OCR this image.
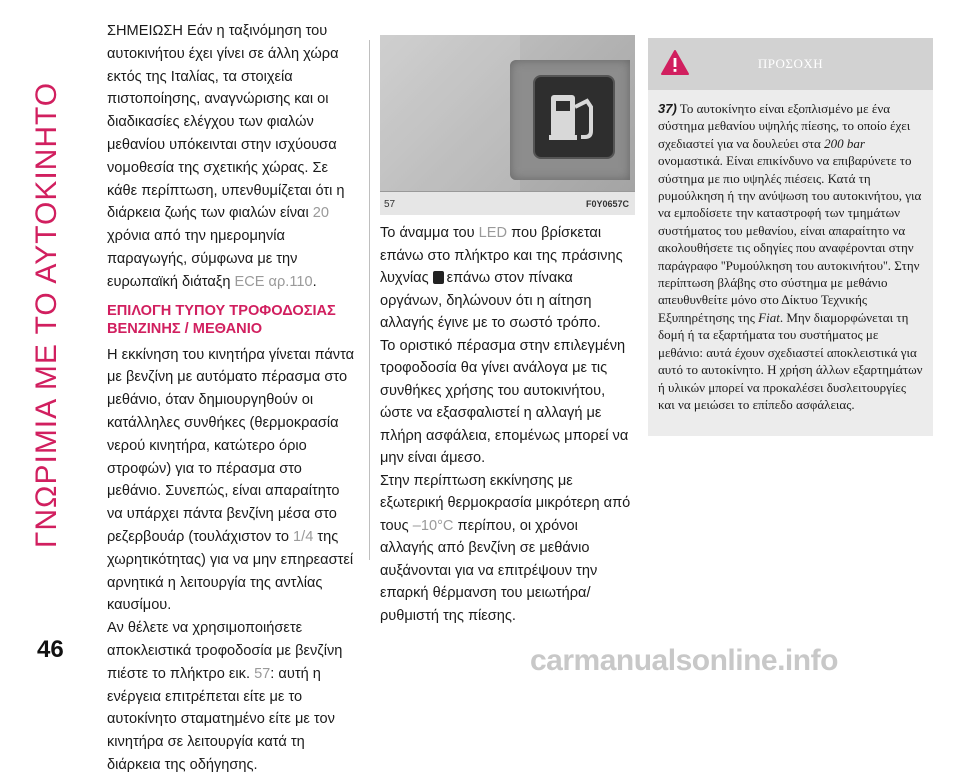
ΓΝΩΡΙΜΙΑ ΜΕ ΤΟ ΑΥΤΟΚΙΝΗΤΟ

ΣΗΜΕΙΩΣΗ Εάν η ταξινόμηση του αυτοκινήτου έχει γίνει σε άλλη χώρα εκτός της Ιταλίας, τα στοιχεία πιστοποίησης, αναγνώρισης και οι διαδικασίες ελέγχου των φιαλών μεθανίου υπόκεινται στην ισχύουσα νομοθεσία της σχετικής χώρας. Σε κάθε περίπτωση, υπενθυμίζεται ότι η διάρκεια ζωής των φιαλών είναι 20 χρόνια από την ημερομηνία παραγωγής, σύμφωνα με την ευρωπαϊκή διάταξη ECE αρ.110.

ΕΠΙΛΟΓΗ ΤΥΠΟΥ ΤΡΟΦΟΔΟΣΙΑΣ ΒΕΝΖΙΝΗΣ / ΜΕΘΑΝΙΟ

Η εκκίνηση του κινητήρα γίνεται πάντα με βενζίνη με αυτόματο πέρασμα στο μεθάνιο, όταν δημιουργηθούν οι κατάλληλες συνθήκες (θερμοκρασία νερού κινητήρα, κατώτερο όριο στροφών) για το πέρασμα στο μεθάνιο. Συνεπώς, είναι απαραίτητο να υπάρχει πάντα βενζίνη μέσα στο ρεζερβουάρ (τουλάχιστον το 1/4 της χωρητικότητας) για να μην επηρεαστεί αρνητικά η λειτουργία της αντλίας καυσίμου.

Αν θέλετε να χρησιμοποιήσετε αποκλειστικά τροφοδοσία με βενζίνη πιέστε το πλήκτρο εικ. 57: αυτή η ενέργεια επιτρέπεται είτε με το αυτοκίνητο σταματημένο είτε με τον κινητήρα σε λειτουργία κατά τη διάρκεια της οδήγησης.

57	F0Y0657C

Το άναμμα του LED που βρίσκεται επάνω στο πλήκτρο και της πράσινης λυχνίας επάνω στον πίνακα οργάνων, δηλώνουν ότι η αίτηση αλλαγής έγινε με το σωστό τρόπο.

Το οριστικό πέρασμα στην επιλεγμένη τροφοδοσία θα γίνει ανάλογα με τις συνθήκες χρήσης του αυτοκινήτου, ώστε να εξασφαλιστεί η αλλαγή με πλήρη ασφάλεια, επομένως μπορεί να μην είναι άμεσο.

Στην περίπτωση εκκίνησης με εξωτερική θερμοκρασία μικρότερη από τους –10°C περίπου, οι χρόνοι αλλαγής από βενζίνη σε μεθάνιο αυξάνονται για να επιτρέψουν την επαρκή θέρμανση του μειωτήρα/ρυθμιστή της πίεσης.

ΠΡΟΣΟΧΗ
37) Το αυτοκίνητο είναι εξοπλισμένο με ένα σύστημα μεθανίου υψηλής πίεσης, το οποίο έχει σχεδιαστεί για να δουλεύει στα 200 bar ονομαστικά. Είναι επικίνδυνο να επιβαρύνετε το σύστημα με πιο υψηλές πιέσεις. Κατά τη ρυμούλκηση ή την ανύψωση του αυτοκινήτου, για να εμποδίσετε την καταστροφή των τμημάτων συστήματος του μεθανίου, είναι απαραίτητο να ακολουθήσετε τις οδηγίες που αναφέρονται στην παράγραφο ''Ρυμούλκηση του αυτοκινήτου''. Στην περίπτωση βλάβης στο σύστημα με μεθάνιο απευθυνθείτε μόνο στο Δίκτυο Τεχνικής Εξυπηρέτησης της Fiat. Μην διαμορφώνεται τη δομή ή τα εξαρτήματα του συστήματος με μεθάνιο: αυτά έχουν σχεδιαστεί αποκλειστικά για αυτό το αυτοκίνητο. Η χρήση άλλων εξαρτημάτων ή υλικών μπορεί να προκαλέσει δυσλειτουργίες και να μειώσει το επίπεδο ασφάλειας.
46	carmanualsonline.info
